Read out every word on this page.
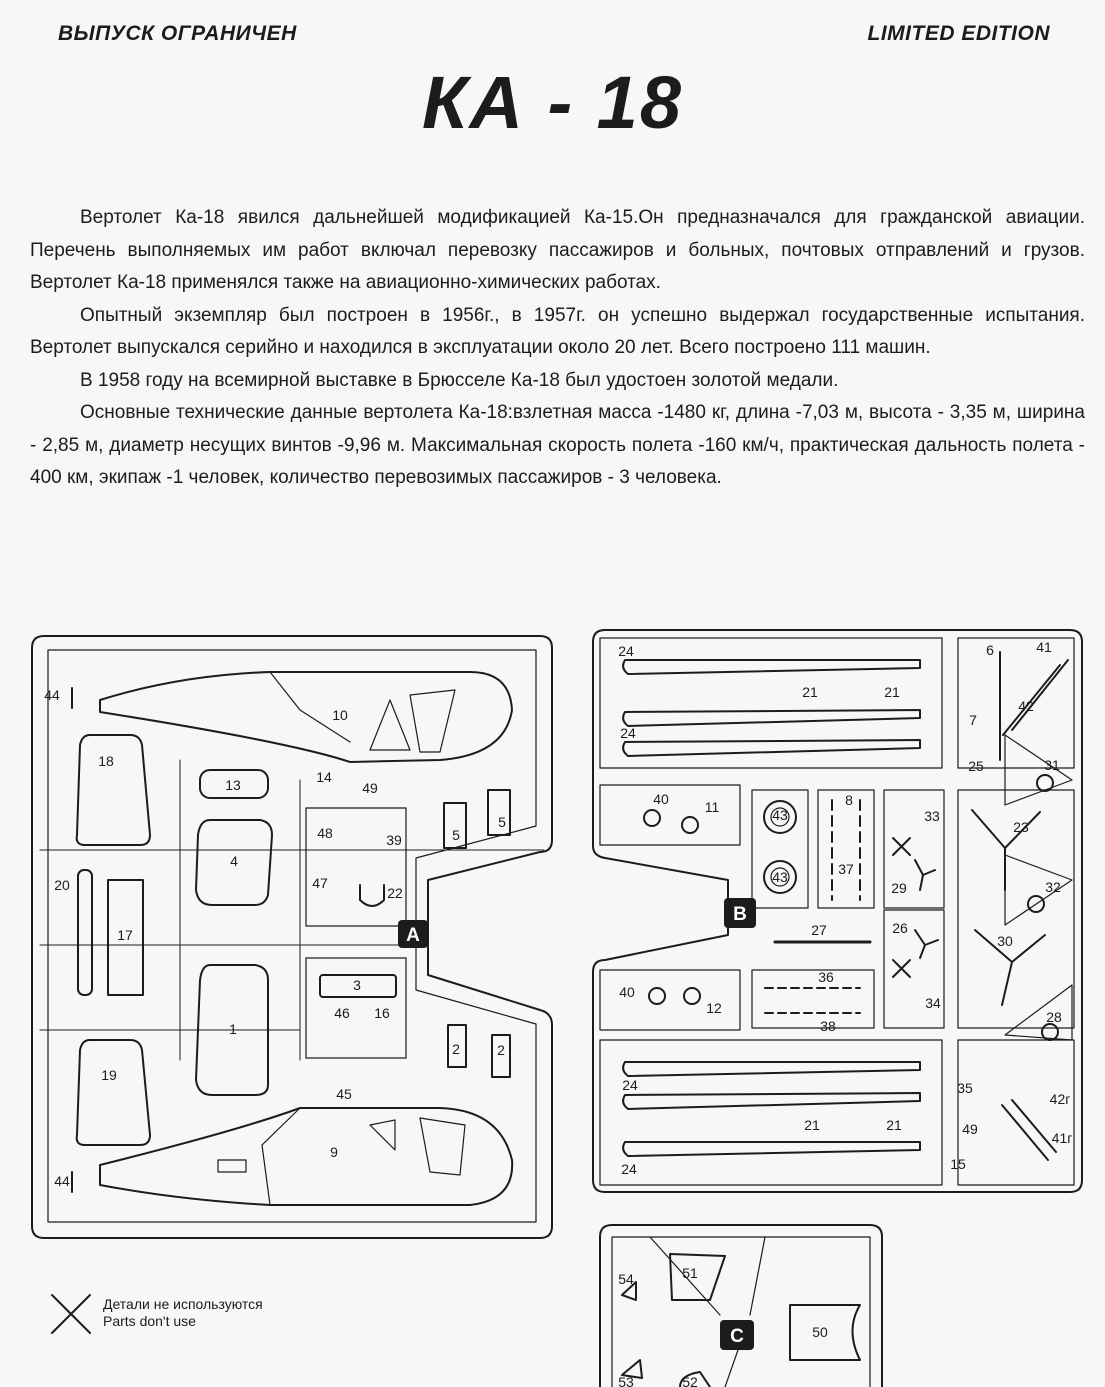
ВЫПУСК ОГРАНИЧЕН	LIMITED EDITION
КА - 18

Вертолет Ка-18 явился дальнейшей модификацией Ка-15.Он предназначался для гражданской авиации. Перечень выполняемых им работ включал перевозку пассажиров и больных, почтовых отправлений и грузов. Вертолет Ка-18 применялся также на авиационно-химических работах.

Опытный экземпляр был построен в 1956г., в 1957г. он успешно выдержал государственные испытания. Вертолет выпускался серийно и находился в эксплуатации около 20 лет. Всего построено 111 машин.

В 1958 году на всемирной выставке в Брюсселе Ка-18 был удостоен золотой медали.

Основные технические данные вертолета Ка-18:взлетная масса -1480 кг, длина -7,03 м, высота - 3,35 м, ширина - 2,85 м, диаметр несущих винтов -9,96 м. Максимальная скорость полета -160 км/ч, практическая дальность полета - 400 км, экипаж -1 человек, количество перевозимых пассажиров - 3 человека.

44
10
18
13	14
49
4
48	39	5
5
47
22
20
17
3
1
46 16
2	2
19
45
9
44
24
21	21
24
6	41
42
7
25	31
40	11	43
8
33
23
37
43
29	32
27	26
30
40
12
36
38
34
28
24	35
42г
21	21	49
41г
24	15
51
54
50
53	52
A
B
C
Детали не используются
Parts don't use
